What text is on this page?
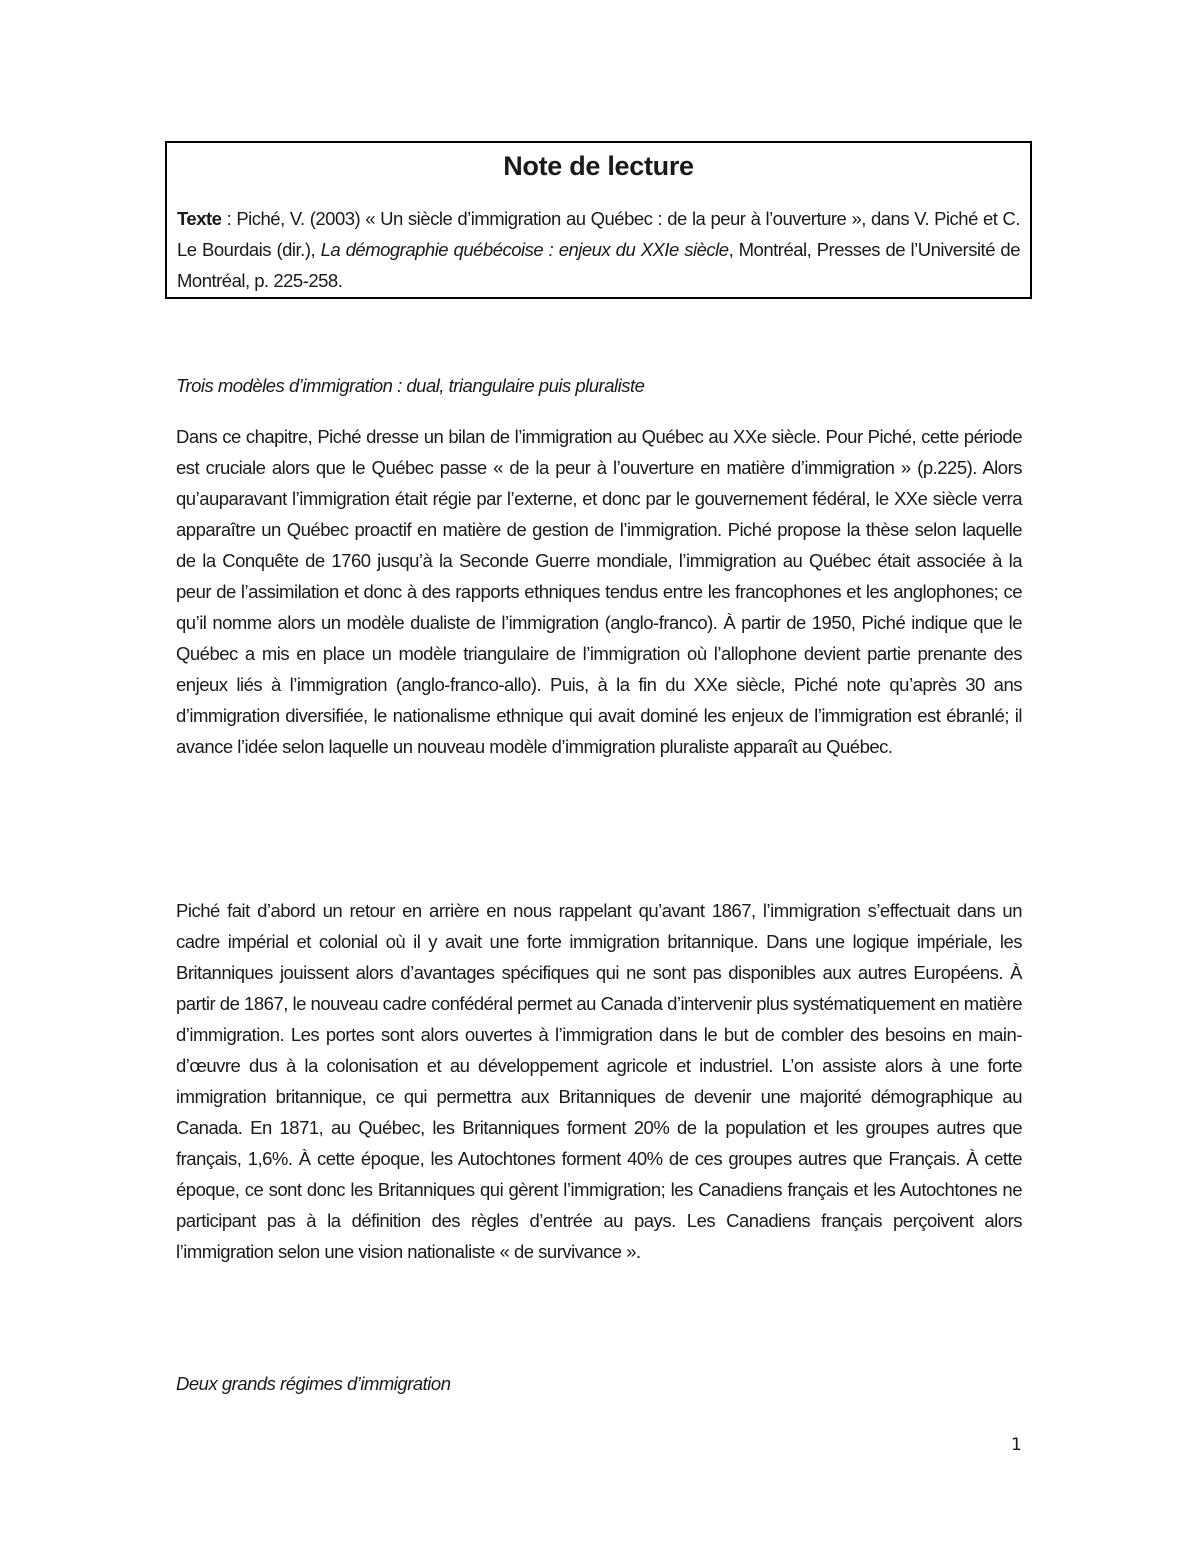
Note de lecture
Texte : Piché, V. (2003) « Un siècle d’immigration au Québec : de la peur à l’ouverture », dans V. Piché et C. Le Bourdais (dir.), La démographie québécoise : enjeux du XXIe siècle, Montréal, Presses de l’Université de Montréal, p. 225-258.
Trois modèles d’immigration : dual, triangulaire puis pluraliste

Dans ce chapitre, Piché dresse un bilan de l’immigration au Québec au XXe siècle. Pour Piché, cette période est cruciale alors que le Québec passe « de la peur à l’ouverture en matière d’immigration » (p.225). Alors qu’auparavant l’immigration était régie par l’externe, et donc par le gouvernement fédéral, le XXe siècle verra apparaître un Québec proactif en matière de gestion de l’immigration. Piché propose la thèse selon laquelle de la Conquête de 1760 jusqu’à la Seconde Guerre mondiale, l’immigration au Québec était associée à la peur de l’assimilation et donc à des rapports ethniques tendus entre les francophones et les anglophones; ce qu’il nomme alors un modèle dualiste de l’immigration (anglo-franco). À partir de 1950, Piché indique que le Québec a mis en place un modèle triangulaire de l’immigration où l’allophone devient partie prenante des enjeux liés à l’immigration (anglo-franco-allo). Puis, à la fin du XXe siècle, Piché note qu’après 30 ans d’immigration diversifiée, le nationalisme ethnique qui avait dominé les enjeux de l’immigration est ébranlé; il avance l’idée selon laquelle un nouveau modèle d’immigration pluraliste apparaît au Québec.

Piché fait d’abord un retour en arrière en nous rappelant qu’avant 1867, l’immigration s’effectuait dans un cadre impérial et colonial où il y avait une forte immigration britannique. Dans une logique impériale, les Britanniques jouissent alors d’avantages spécifiques qui ne sont pas disponibles aux autres Européens. À partir de 1867, le nouveau cadre confédéral permet au Canada d’intervenir plus systématiquement en matière d’immigration. Les portes sont alors ouvertes à l’immigration dans le but de combler des besoins en main-d’œuvre dus à la colonisation et au développement agricole et industriel. L’on assiste alors à une forte immigration britannique, ce qui permettra aux Britanniques de devenir une majorité démographique au Canada. En 1871, au Québec, les Britanniques forment 20% de la population et les groupes autres que français, 1,6%. À cette époque, les Autochtones forment 40% de ces groupes autres que Français. À cette époque, ce sont donc les Britanniques qui gèrent l’immigration; les Canadiens français et les Autochtones ne participant pas à la définition des règles d’entrée au pays. Les Canadiens français perçoivent alors l’immigration selon une vision nationaliste « de survivance ».

Deux grands régimes d’immigration
1
